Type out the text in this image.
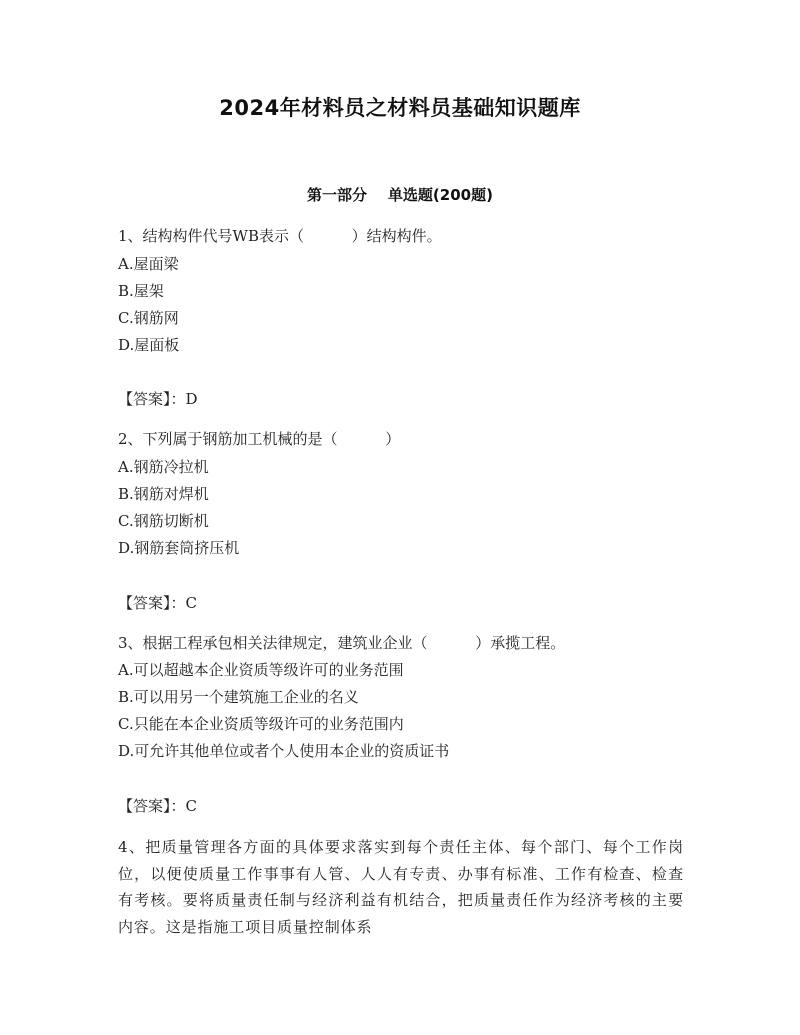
2024年材料员之材料员基础知识题库
第一部分    单选题(200题)
1、结构构件代号WB表示（          ）结构构件。
A.屋面梁
B.屋架
C.钢筋网
D.屋面板
【答案】：D
2、下列属于钢筋加工机械的是（          ）
A.钢筋冷拉机
B.钢筋对焊机
C.钢筋切断机
D.钢筋套筒挤压机
【答案】：C
3、根据工程承包相关法律规定，建筑业企业（          ）承揽工程。
A.可以超越本企业资质等级许可的业务范围
B.可以用另一个建筑施工企业的名义
C.只能在本企业资质等级许可的业务范围内
D.可允许其他单位或者个人使用本企业的资质证书
【答案】：C
4、把质量管理各方面的具体要求落实到每个责任主体、每个部门、每个工作岗位，以便使质量工作事事有人管、人人有专责、办事有标准、工作有检查、检查有考核。要将质量责任制与经济利益有机结合，把质量责任作为经济考核的主要内容。这是指施工项目质量控制体系
